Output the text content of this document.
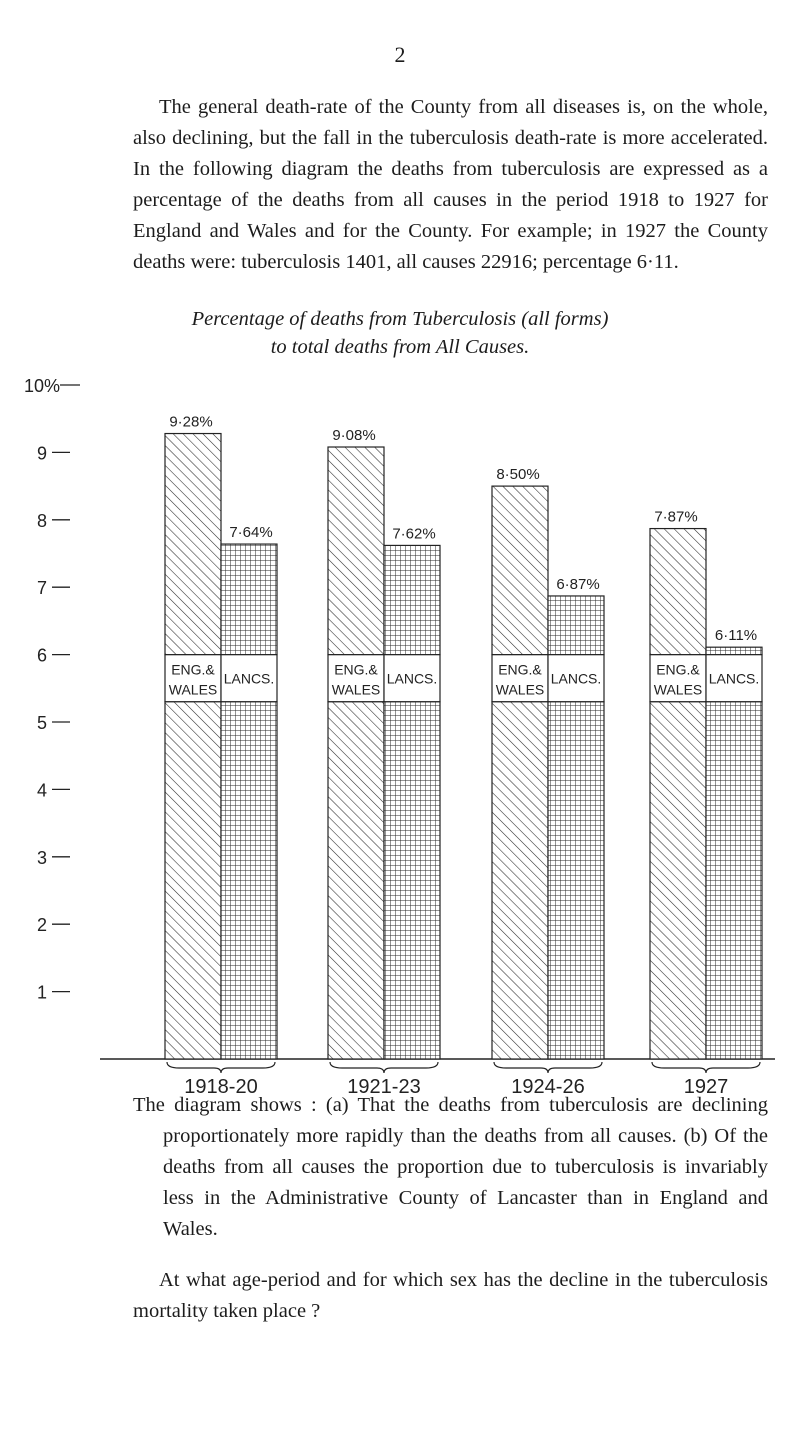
2

The general death-rate of the County from all diseases is, on the whole, also declining, but the fall in the tuberculosis death-rate is more accelerated. In the following diagram the deaths from tuberculosis are expressed as a percentage of the deaths from all causes in the period 1918 to 1927 for England and Wales and for the County. For example; in 1927 the County deaths were: tuberculosis 1401, all causes 22916; percentage 6·11.

Percentage of deaths from Tuberculosis (all forms)
to total deaths from All Causes.
1
2
3
4
5
6
7
8
9
10%
ENG.&
WALES
9·28%
LANCS.
7·64%
1918-20
ENG.&
WALES
9·08%
LANCS.
7·62%
1921-23
ENG.&
WALES
8·50%
LANCS.
6·87%
1924-26
ENG.&
WALES
7·87%
LANCS.
6·11%
1927
The diagram shows : (a) That the deaths from tuberculosis are declining proportionately more rapidly than the deaths from all causes. (b) Of the deaths from all causes the proportion due to tuberculosis is invariably less in the Administrative County of Lancaster than in England and Wales.

At what age-period and for which sex has the decline in the tuberculosis mortality taken place ?
